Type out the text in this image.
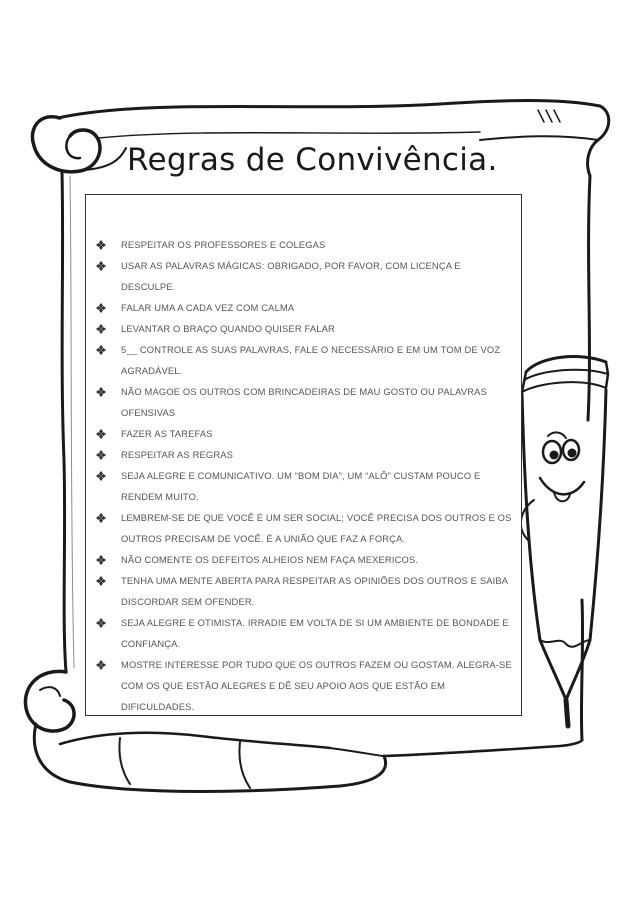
Regras de Convivência.
RESPEITAR OS PROFESSORES E COLEGAS
USAR AS PALAVRAS MÁGICAS: OBRIGADO, POR FAVOR, COM LICENÇA E DESCULPE.
FALAR UMA A CADA VEZ COM CALMA
LEVANTAR O BRAÇO QUANDO QUISER FALAR
5__ CONTROLE AS SUAS PALAVRAS, FALE O NECESSÁRIO E EM UM TOM DE VOZ AGRADÁVEL.
NÃO MAGOE OS OUTROS COM BRINCADEIRAS DE MAU GOSTO OU PALAVRAS OFENSIVAS
FAZER AS TAREFAS
RESPEITAR AS REGRAS
SEJA ALEGRE E COMUNICATIVO. UM “BOM DIA”, UM “ALÔ” CUSTAM POUCO E RENDEM MUITO.
LEMBREM-SE DE QUE VOCÊ É UM SER SOCIAL; VOCÊ PRECISA DOS OUTROS E OS OUTROS PRECISAM DE VOCÊ. É A UNIÃO QUE FAZ A FORÇA.
NÃO COMENTE OS DEFEITOS ALHEIOS NEM FAÇA MEXERICOS.
TENHA UMA MENTE ABERTA PARA RESPEITAR AS OPINIÕES DOS OUTROS E SAIBA DISCORDAR SEM OFENDER.
SEJA ALEGRE E OTIMISTA. IRRADIE EM VOLTA DE SI UM AMBIENTE DE BONDADE E CONFIANÇA.
MOSTRE INTERESSE POR TUDO QUE OS OUTROS FAZEM OU GOSTAM. ALEGRA-SE COM OS QUE ESTÃO ALEGRES E DÊ SEU APOIO AOS QUE ESTÃO EM DIFICULDADES.
